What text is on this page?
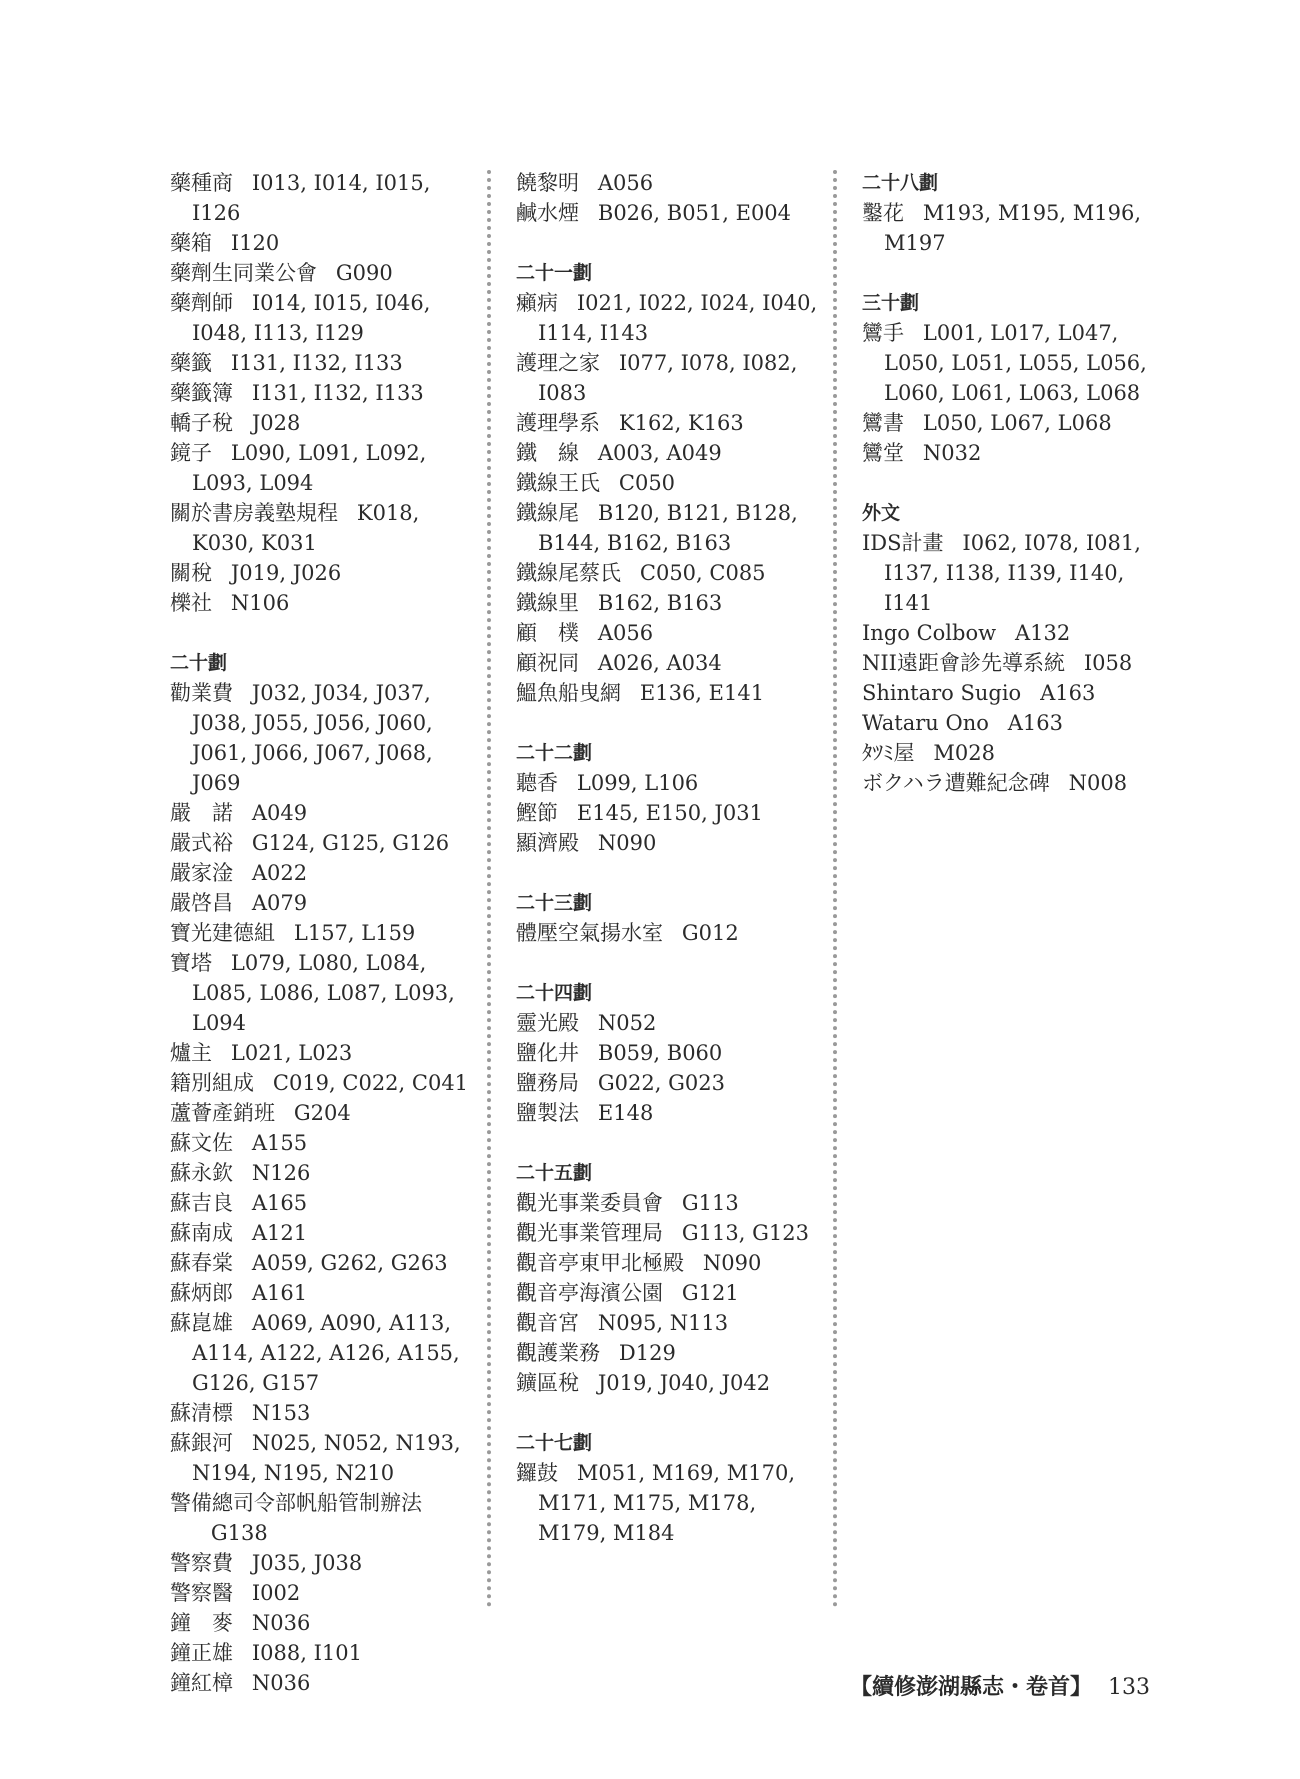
藥種商 I013, I014, I015, I126
藥箱 I120
藥劑生同業公會 G090
藥劑師 I014, I015, I046, I048, I113, I129
藥籤 I131, I132, I133
藥籤簿 I131, I132, I133
轎子稅 J028
鏡子 L090, L091, L092, L093, L094
關於書房義塾規程 K018, K030, K031
關稅 J019, J026
櫟社 N106
二十劃
勸業費 J032, J034, J037, J038, J055, J056, J060, J061, J066, J067, J068, J069
嚴　諾 A049
嚴式裕 G124, G125, G126
嚴家淦 A022
嚴啓昌 A079
寶光建德組 L157, L159
寶塔 L079, L080, L084, L085, L086, L087, L093, L094
爐主 L021, L023
籍別組成 C019, C022, C041
蘆薈產銷班 G204
蘇文佐 A155
蘇永欽 N126
蘇吉良 A165
蘇南成 A121
蘇春棠 A059, G262, G263
蘇炳郎 A161
蘇崑雄 A069, A090, A113, A114, A122, A126, A155, G126, G157
蘇清標 N153
蘇銀河 N025, N052, N193, N194, N195, N210
警備總司令部帆船管制辦法G138
警察費 J035, J038
警察醫 I002
鐘　麥 N036
鐘正雄 I088, I101
鐘紅樟 N036
饒黎明 A056
鹹水煙 B026, B051, E004
二十一劃
癩病 I021, I022, I024, I040, I114, I143
護理之家 I077, I078, I082, I083
護理學系 K162, K163
鐵　線 A003, A049
鐵線王氏 C050
鐵線尾 B120, B121, B128, B144, B162, B163
鐵線尾蔡氏 C050, C085
鐵線里 B162, B163
顧　樸 A056
顧祝同 A026, A034
鰮魚船曳網 E136, E141
二十二劃
聽香 L099, L106
鰹節 E145, E150, J031
顯濟殿 N090
二十三劃
體壓空氣揚水室 G012
二十四劃
靈光殿 N052
鹽化井 B059, B060
鹽務局 G022, G023
鹽製法 E148
二十五劃
觀光事業委員會 G113
觀光事業管理局 G113, G123
觀音亭東甲北極殿 N090
觀音亭海濱公園 G121
觀音宮 N095, N113
觀護業務 D129
鑛區稅 J019, J040, J042
二十七劃
鑼鼓 M051, M169, M170, M171, M175, M178, M179, M184
二十八劃
鑿花 M193, M195, M196, M197
三十劃
鸞手 L001, L017, L047, L050, L051, L055, L056, L060, L061, L063, L068
鸞書 L050, L067, L068
鸞堂 N032
外文
IDS計畫 I062, I078, I081, I137, I138, I139, I140, I141
Ingo Colbow A132
NII遠距會診先導系統 I058
Shintaro Sugio A163
Wataru Ono A163
ﾀﾂﾐ屋 M028
ボクハラ遭難紀念碑 N008
【續修澎湖縣志・卷首】 133
